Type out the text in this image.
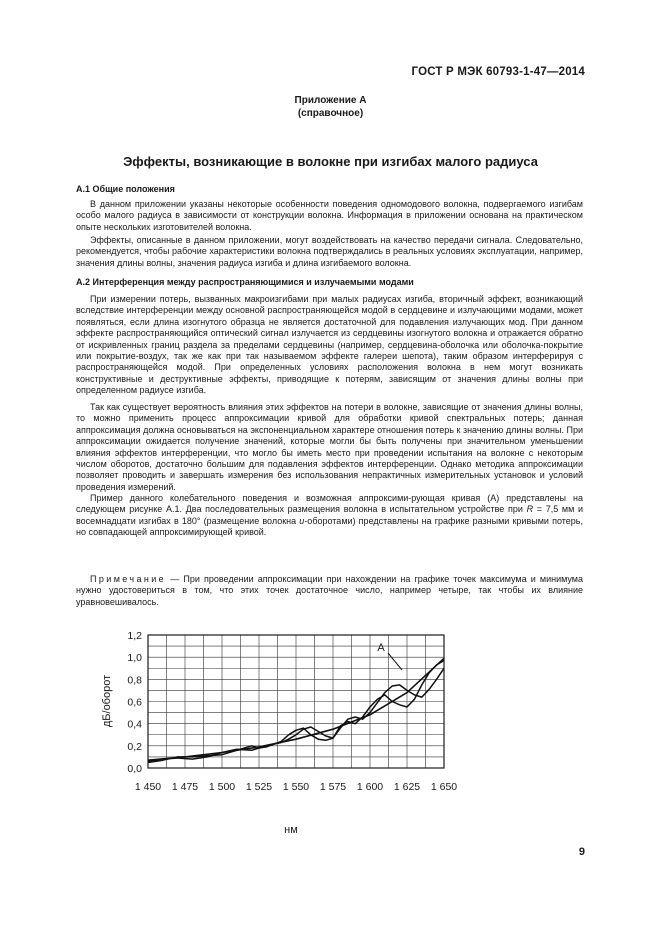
ГОСТ Р МЭК 60793-1-47—2014
Приложение А
(справочное)
Эффекты, возникающие в волокне при изгибах малого радиуса
А.1 Общие положения

В данном приложении указаны некоторые особенности поведения одномодового волокна, подвергаемого изгибам особо малого радиуса в зависимости от конструкции волокна. Информация в приложении основана на практическом опыте нескольких изготовителей волокна.

Эффекты, описанные в данном приложении, могут воздействовать на качество передачи сигнала. Следовательно, рекомендуется, чтобы рабочие характеристики волокна подтверждались в реальных условиях эксплуатации, например, значения длины волны, значения радиуса изгиба и длина изгибаемого волокна.

А.2 Интерференция между распространяющимися и излучаемыми модами

При измерении потерь, вызванных макроизгибами при малых радиусах изгиба, вторичный эффект, возникающий вследствие интерференции между основной распространяющейся модой в сердцевине и излучающими модами, может появляться, если длина изогнутого образца не является достаточной для подавления излучающих мод. При данном эффекте распространяющийся оптический сигнал излучается из сердцевины изогнутого волокна и отражается обратно от искривленных границ раздела за пределами сердцевины (например, сердцевина-оболочка или оболочка-покрытие или покрытие-воздух, так же как при так называемом эффекте галереи шепота), таким образом интерферируя с распространяющейся модой. При определенных условиях расположения волокна в нем могут возникать конструктивные и деструктивные эффекты, приводящие к потерям, зависящим от значения длины волны при определенном радиусе изгиба.

Так как существует вероятность влияния этих эффектов на потери в волокне, зависящие от значения длины волны, то можно применить процесс аппроксимации кривой для обработки кривой спектральных потерь; данная аппроксимация должна основываться на экспоненциальном характере отношения потерь к значению длины волны. При аппроксимации ожидается получение значений, которые могли бы быть получены при значительном уменьшении влияния эффектов интерференции, что могло бы иметь место при проведении испытания на волокне с некоторым числом оборотов, достаточно большим для подавления эффектов интерференции. Однако методика аппроксимации позволяет проводить и завершать измерения без использования непрактичных измерительных установок и условий проведения измерений.

Пример данного колебательного поведения и возможная аппроксими-рующая кривая (А) представлены на следующем рисунке А.1. Два последовательных размещения волокна в испытательном устройстве при R = 7,5 мм и восемнадцати изгибах в 180° (размещение волокна u-оборотами) представлены на графике разными кривыми потерь, но совпадающей аппроксимирующей кривой.

Примечание — При проведении аппроксимации при нахождении на графике точек максимума и минимума нужно удостовериться в том, что этих точек достаточное число, например четыре, так чтобы их влияние уравновешивалось.

1 450 1 475 1 500 1 525 1 550 1 575 1 600 1 625 1 650
0,0
0,2
0,4
0,6
0,8
1,0
1,2
дБ/оборот
нм
A
9
